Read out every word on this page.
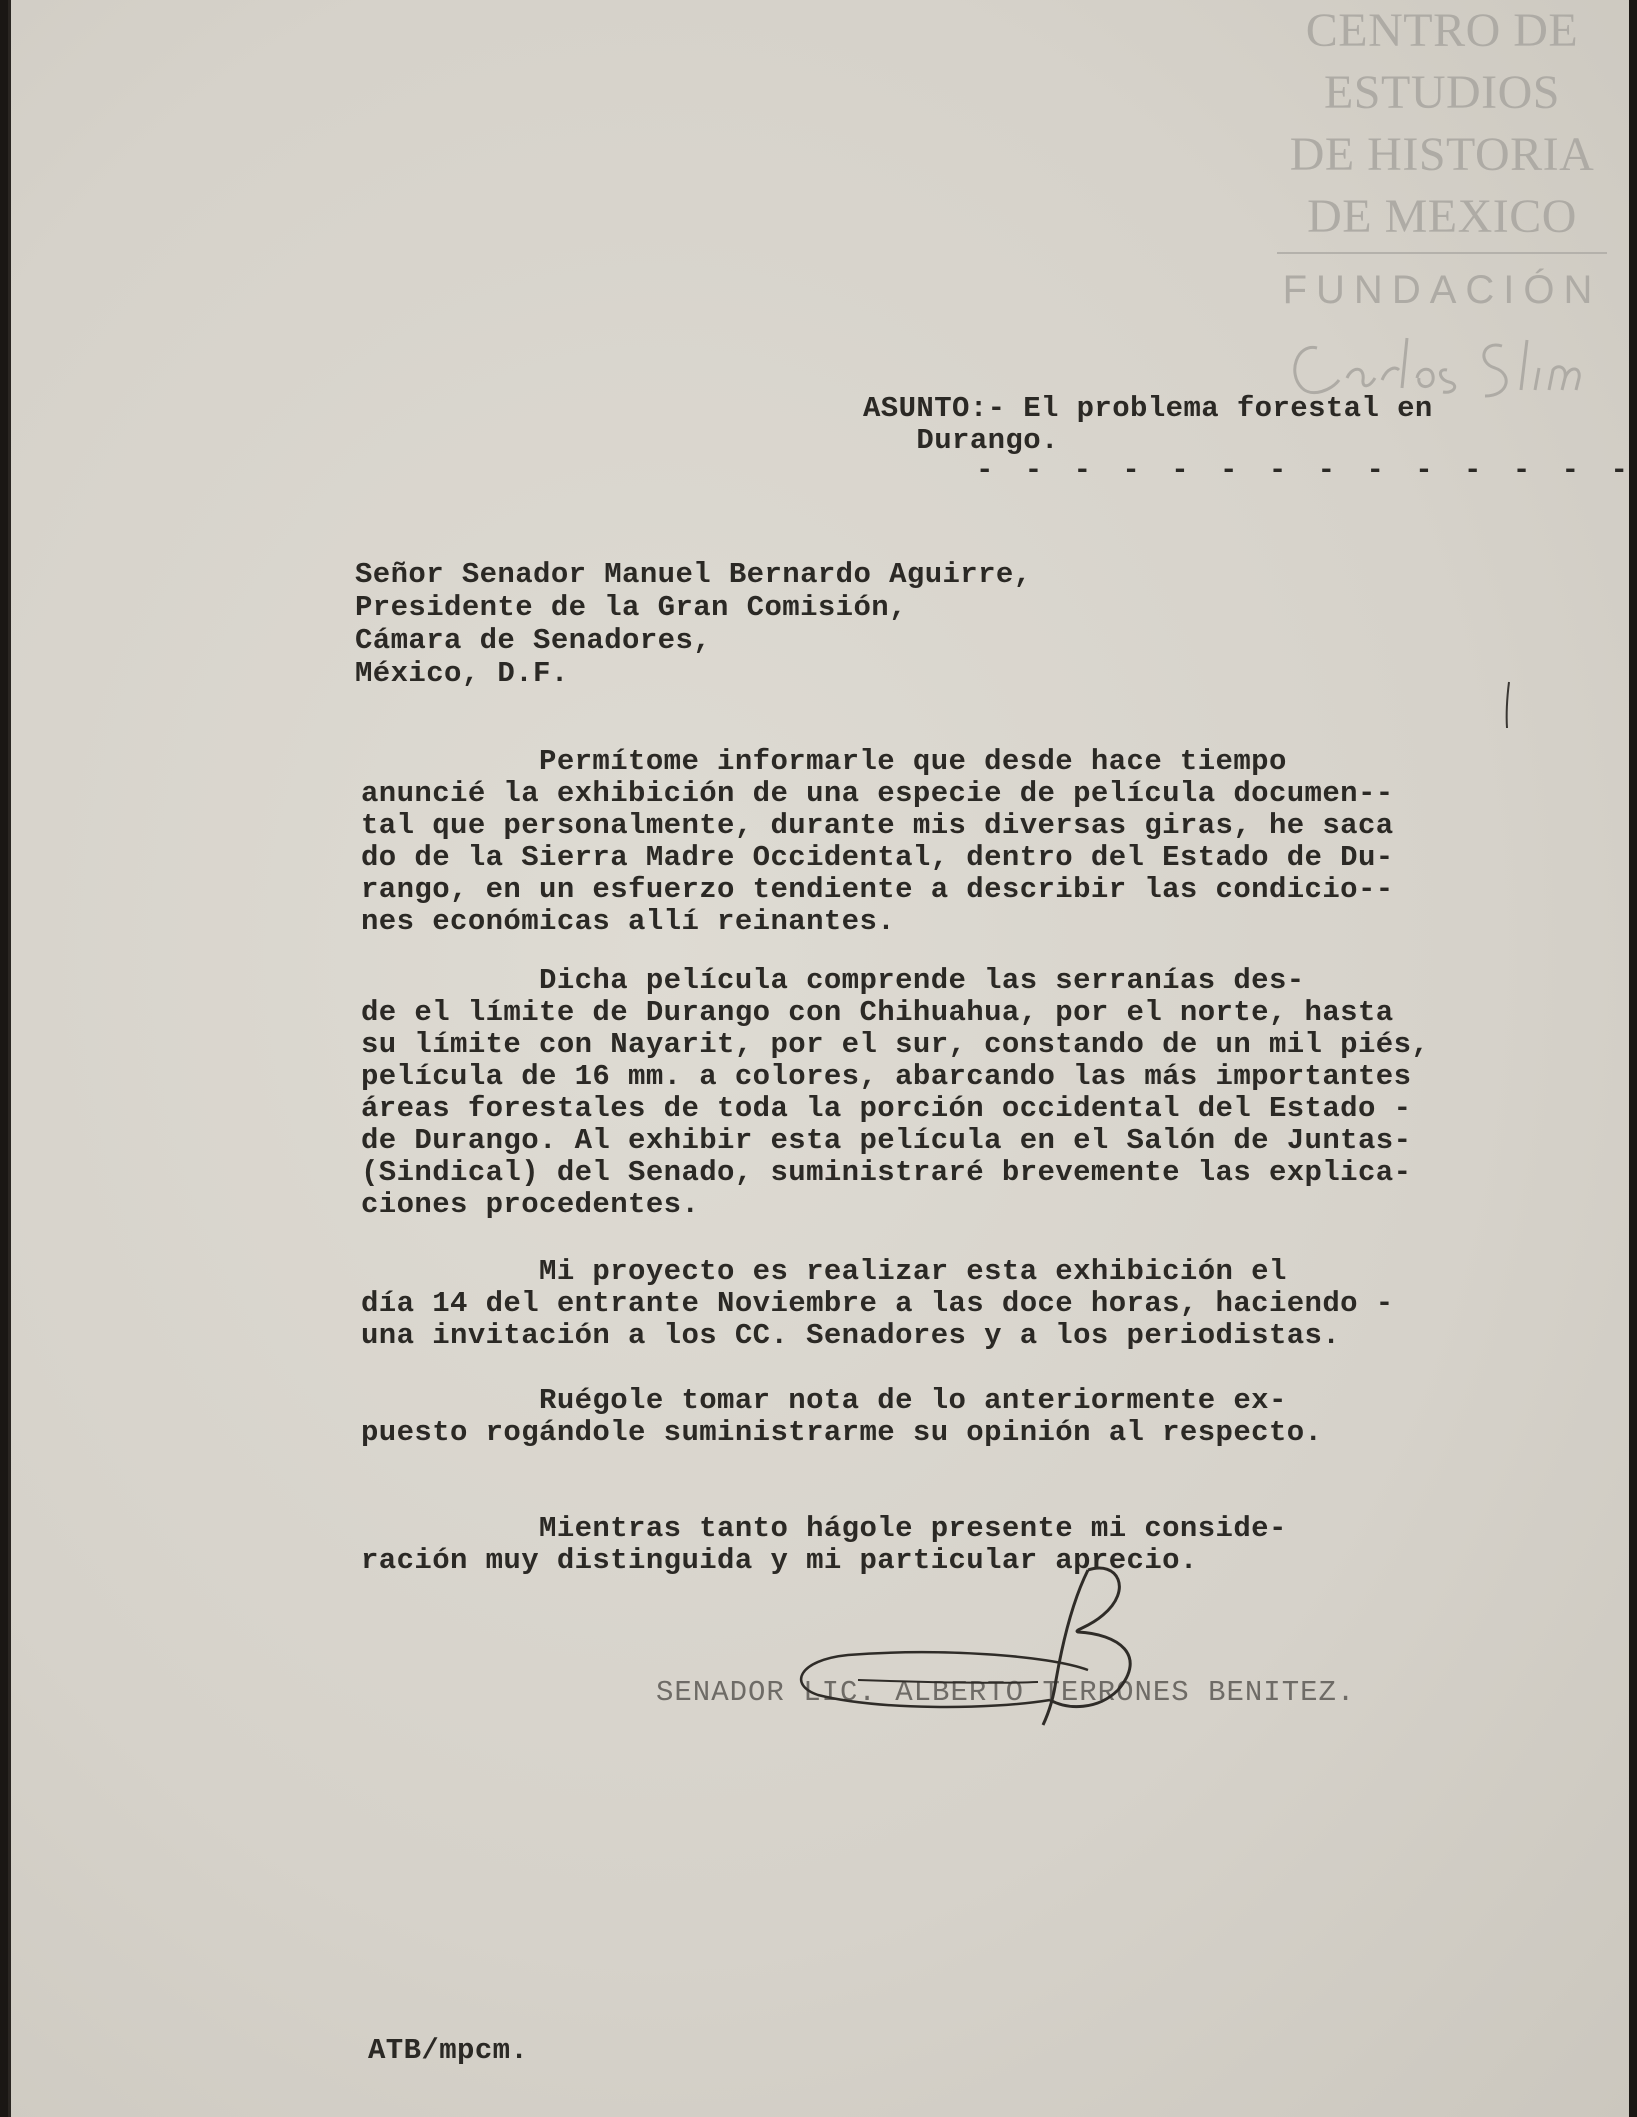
CENTRO DE
ESTUDIOS
DE HISTORIA
DE MEXICO
FUNDACIÓN
ASUNTO:- El problema forestal en
Durango.
- - - - - - - - - - - - - -
Señor Senador Manuel Bernardo Aguirre,
Presidente de la Gran Comisión,
Cámara de Senadores,
México, D.F.
Permítome informarle que desde hace tiempo
anuncié la exhibición de una especie de película documen--
tal que personalmente, durante mis diversas giras, he saca
do de la Sierra Madre Occidental, dentro del Estado de Du-
rango, en un esfuerzo tendiente a describir las condicio--
nes económicas allí reinantes.
Dicha película comprende las serranías des-
de el límite de Durango con Chihuahua, por el norte, hasta
su límite con Nayarit, por el sur, constando de un mil piés,
película de 16 mm. a colores, abarcando las más importantes
áreas forestales de toda la porción occidental del Estado -
de Durango. Al exhibir esta película en el Salón de Juntas-
(Sindical) del Senado, suministraré brevemente las explica-
ciones procedentes.
Mi proyecto es realizar esta exhibición el
día 14 del entrante Noviembre a las doce horas, haciendo -
una invitación a los CC. Senadores y a los periodistas.
Ruégole tomar nota de lo anteriormente ex-
puesto rogándole suministrarme su opinión al respecto.
Mientras tanto hágole presente mi conside-
ración muy distinguida y mi particular aprecio.
SENADOR LIC. ALBERTO TERRONES BENITEZ.
ATB/mpcm.
